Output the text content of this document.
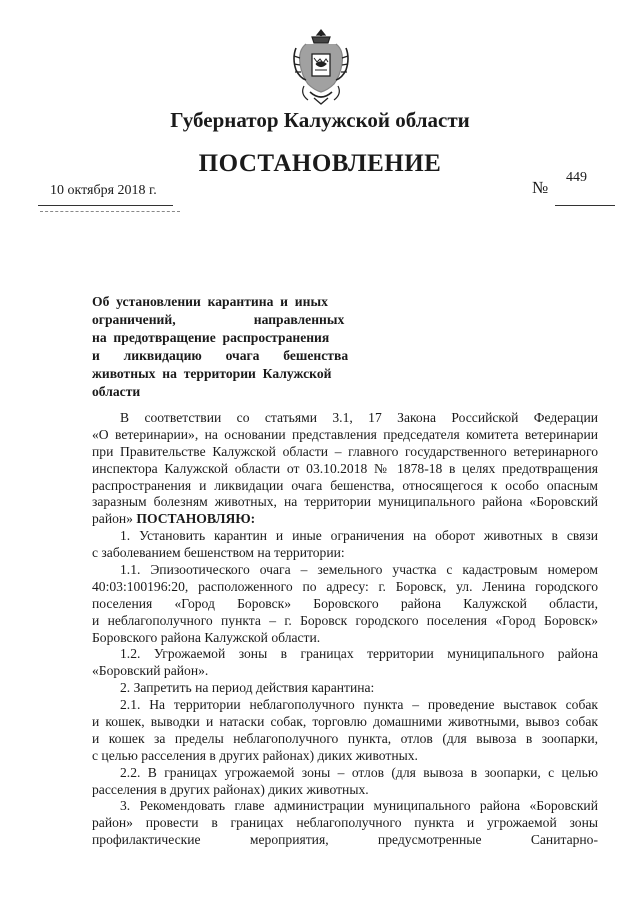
Губернатор Калужской области
ПОСТАНОВЛЕНИЕ
10 октября 2018 г.	№
449
Об  установлении  карантина  и  иных
ограничений,                       направленных
на  предотвращение  распространения
и       ликвидацию       очага       бешенства
животных  на  территории  Калужской
области
В соответствии со статьями 3.1, 17 Закона Российской Федерации
«О ветеринарии», на основании представления председателя комитета ветеринарии
при Правительстве Калужской области – главного государственного ветеринарного
инспектора Калужской области от 03.10.2018 № 1878-18 в целях предотвращения
распространения и ликвидации очага бешенства, относящегося к особо опасным
заразным болезням животных, на территории муниципального района «Боровский
район» ПОСТАНОВЛЯЮ:
1. Установить карантин и иные ограничения на оборот животных в связи
с заболеванием бешенством на территории:
1.1. Эпизоотического очага – земельного участка с кадастровым номером
40:03:100196:20, расположенного по адресу: г. Боровск, ул. Ленина городского
поселения «Город Боровск» Боровского района Калужской области,
и неблагополучного пункта – г. Боровск городского поселения «Город Боровск»
Боровского района Калужской области.
1.2. Угрожаемой зоны в границах территории муниципального района
«Боровский район».
2. Запретить на период действия карантина:
2.1. На территории неблагополучного пункта – проведение выставок собак
и кошек, выводки и натаски собак, торговлю домашними животными, вывоз собак
и кошек за пределы неблагополучного пункта, отлов (для вывоза в зоопарки,
с целью расселения в других районах) диких животных.
2.2. В границах угрожаемой зоны – отлов (для вывоза в зоопарки, с целью
расселения в других районах) диких животных.
3. Рекомендовать главе администрации муниципального района «Боровский
район» провести в границах неблагополучного пункта и угрожаемой зоны
профилактические мероприятия, предусмотренные Санитарно-
